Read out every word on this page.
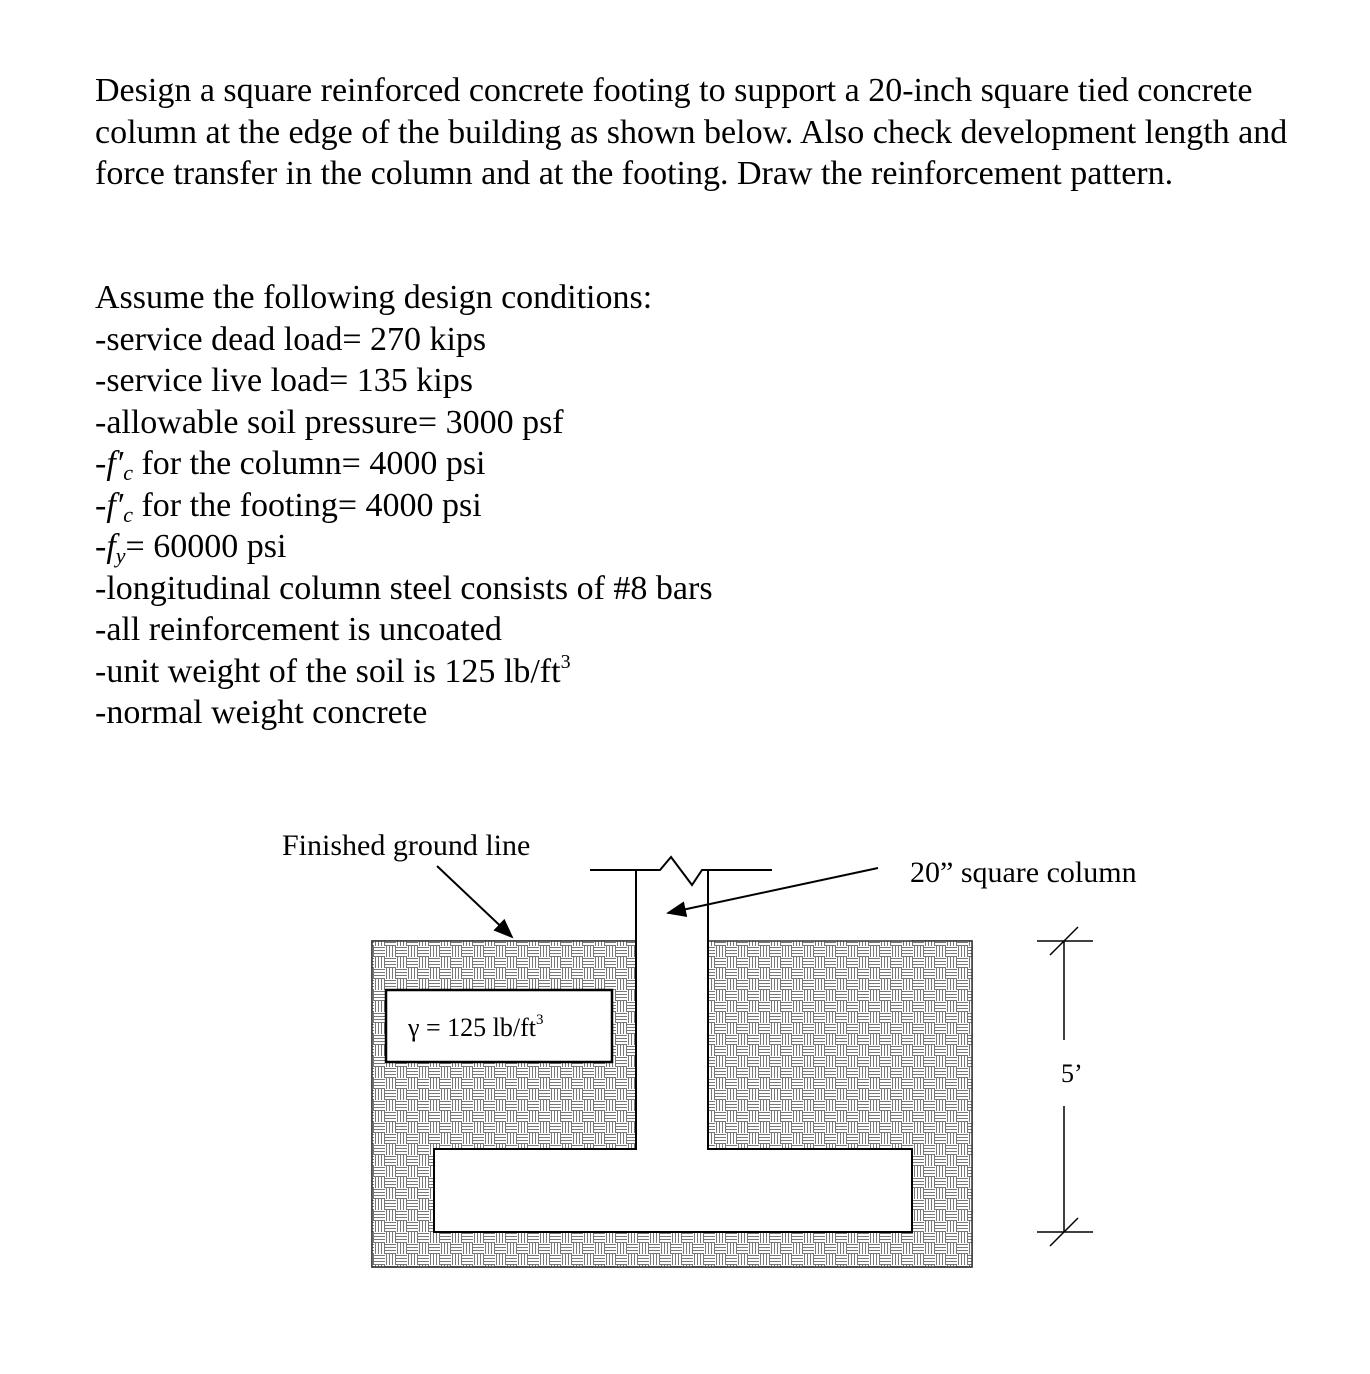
Design a square reinforced concrete footing to support a 20-inch square tied concrete column at the edge of the building as shown below. Also check development length and force transfer in the column and at the footing. Draw the reinforcement pattern.

Assume the following design conditions:
-service dead load= 270 kips
-service live load= 135 kips
-allowable soil pressure= 3000 psf
$-f'_c$ for the column= 4000 psi
$-f'_c$ for the footing= 4000 psi
$-f_y= 60000$ psi
-longitudinal column steel consists of #8 bars
-all reinforcement is uncoated
-unit weight of the soil is 125 $lb/ft^3$
-normal weight concrete
γ = 125 $lb/ft^3$
Finished ground line
20” square column
5’
